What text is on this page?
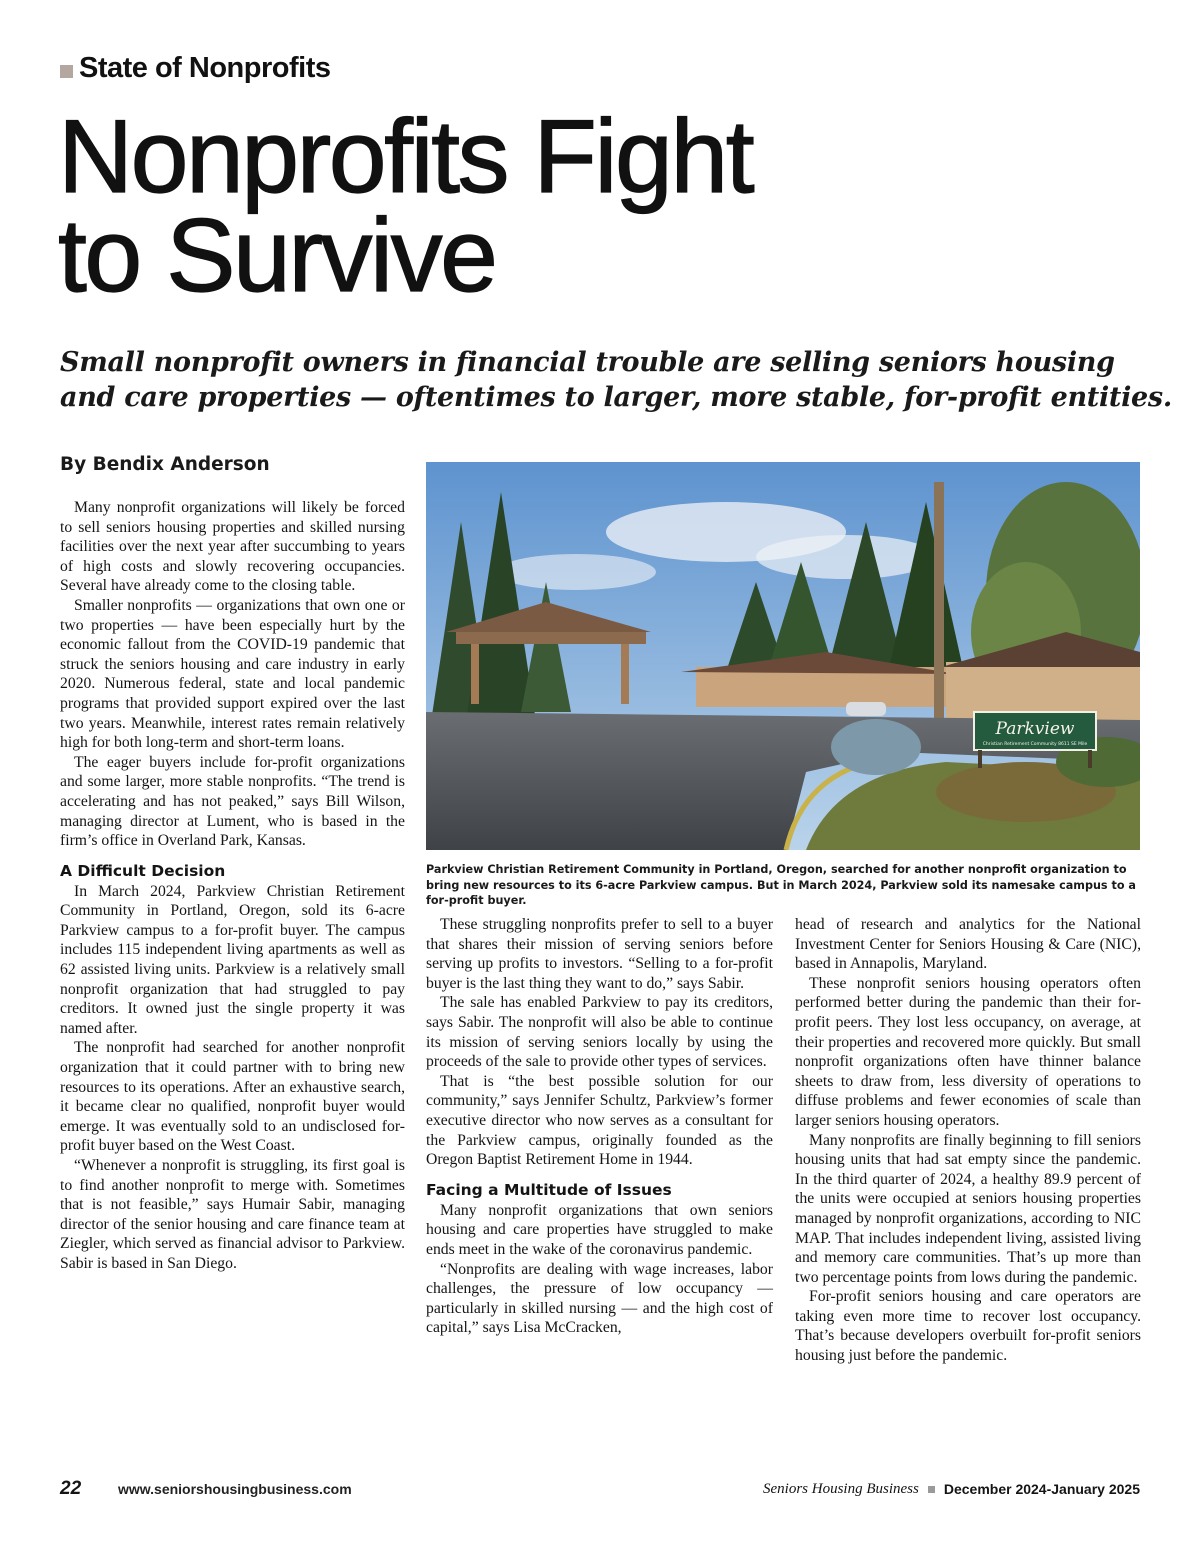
State of Nonprofits
Nonprofits Fight
to Survive
Small nonprofit owners in financial trouble are selling seniors housing
and care properties — oftentimes to larger, more stable, for-profit entities.
By Bendix Anderson

Many nonprofit organizations will likely be forced to sell seniors housing properties and skilled nursing facilities over the next year after succumbing to years of high costs and slowly recovering occupancies. Several have already come to the closing table.

Smaller nonprofits — organizations that own one or two properties — have been especially hurt by the economic fallout from the COVID-19 pandemic that struck the seniors housing and care industry in early 2020. Numerous federal, state and local pandemic programs that provided support expired over the last two years. Meanwhile, interest rates remain relatively high for both long-term and short-term loans.

The eager buyers include for-profit organizations and some larger, more stable nonprofits. “The trend is accelerating and has not peaked,” says Bill Wilson, managing director at Lument, who is based in the firm’s office in Overland Park, Kansas.

A Difficult Decision

In March 2024, Parkview Christian Retirement Community in Portland, Oregon, sold its 6-acre Parkview campus to a for-profit buyer. The campus includes 115 independent living apartments as well as 62 assisted living units. Parkview is a relatively small nonprofit organization that had struggled to pay creditors. It owned just the single property it was named after.

The nonprofit had searched for another nonprofit organization that it could partner with to bring new resources to its operations. After an exhaustive search, it became clear no qualified, nonprofit buyer would emerge. It was eventually sold to an undisclosed for-profit buyer based on the West Coast.

“Whenever a nonprofit is struggling, its first goal is to find another nonprofit to merge with. Sometimes that is not feasible,” says Humair Sabir, managing director of the senior housing and care finance team at Ziegler, which served as financial advisor to Parkview. Sabir is based in San Diego.

Parkview
Christian Retirement Community 8611 SE Mile

Parkview Christian Retirement Community in Portland, Oregon, searched for another nonprofit organization to bring new resources to its 6-acre Parkview campus. But in March 2024, Parkview sold its namesake campus to a for-profit buyer.

These struggling nonprofits prefer to sell to a buyer that shares their mission of serving seniors before serving up profits to investors. “Selling to a for-profit buyer is the last thing they want to do,” says Sabir.

The sale has enabled Parkview to pay its creditors, says Sabir. The nonprofit will also be able to continue its mission of serving seniors locally by using the proceeds of the sale to provide other types of services.

That is “the best possible solution for our community,” says Jennifer Schultz, Parkview’s former executive director who now serves as a consultant for the Parkview campus, originally founded as the Oregon Baptist Retirement Home in 1944.

Facing a Multitude of Issues

Many nonprofit organizations that own seniors housing and care properties have struggled to make ends meet in the wake of the coronavirus pandemic.

“Nonprofits are dealing with wage increases, labor challenges, the pressure of low occupancy — particularly in skilled nursing — and the high cost of capital,” says Lisa McCracken,

head of research and analytics for the National Investment Center for Seniors Housing & Care (NIC), based in Annapolis, Maryland.

These nonprofit seniors housing operators often performed better during the pandemic than their for-profit peers. They lost less occupancy, on average, at their properties and recovered more quickly. But small nonprofit organizations often have thinner balance sheets to draw from, less diversity of operations to diffuse problems and fewer economies of scale than larger seniors housing operators.

Many nonprofits are finally beginning to fill seniors housing units that had sat empty since the pandemic. In the third quarter of 2024, a healthy 89.9 percent of the units were occupied at seniors housing properties managed by nonprofit organizations, according to NIC MAP. That includes independent living, assisted living and memory care communities. That’s up more than two percentage points from lows during the pandemic.

For-profit seniors housing and care operators are taking even more time to recover lost occupancy. That’s because developers overbuilt for-profit seniors housing just before the pandemic.

22	www.seniorshousingbusiness.com	Seniors Housing Business December 2024-January 2025
